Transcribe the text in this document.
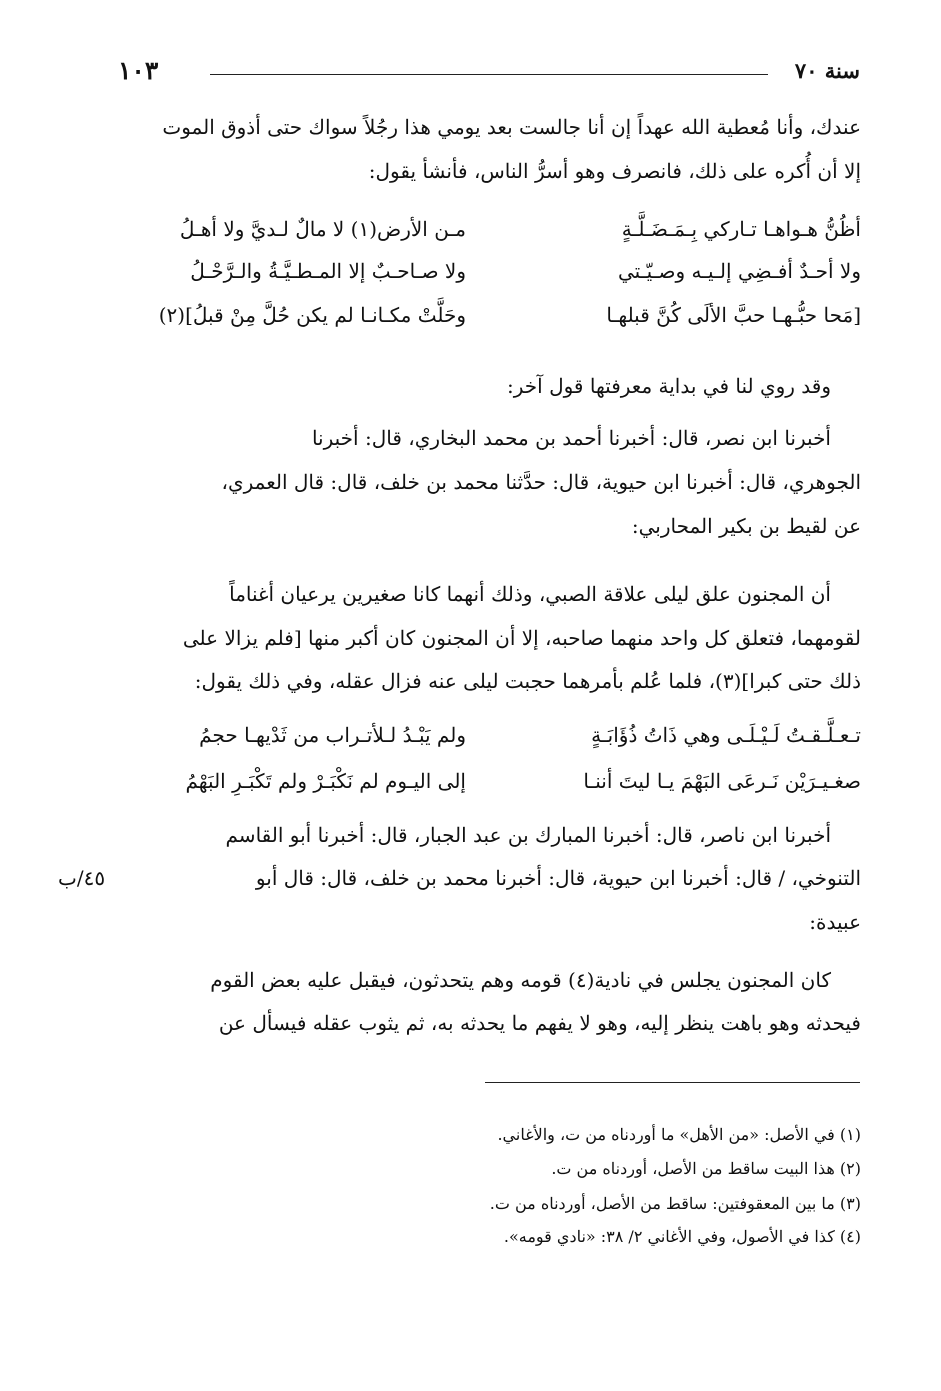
سنة ٧٠
١٠٣
عندك، وأنا مُعطية الله عهداً إن أنا جالست بعد يومي هذا رجُلاً سواك حتى أذوق الموت
إلا أن أُكره على ذلك، فانصرف وهو أسرُّ الناس، فأنشأ يقول:
أظُنُّ هـواهـا تـاركي بِـمَـضَـلَّـةٍ
مـن الأرض(١) لا مالٌ لـديَّ ولا أهـلُ
ولا أحـدٌ أفـضِي إلـيـه وصـيّـتي
ولا صـاحـبٌ إلا المـطـيَّـةُ والـرَّحْـلُ
[مَحا حبُّـهـا حبَّ الألَى كُنَّ قبلهـا
وحَلَّتْ مكـانـا لم يكن حُلَّ مِنْ قبلُ](٢)
وقد روي لنا في بداية معرفتها قول آخر:
أخبرنا ابن نصر، قال: أخبرنا أحمد بن محمد البخاري، قال: أخبرنا
الجوهري، قال: أخبرنا ابن حيوية، قال: حدَّثنا محمد بن خلف، قال: قال العمري،
عن لقيط بن بكير المحاربي:
أن المجنون علق ليلى علاقة الصبي، وذلك أنهما كانا صغيرين يرعيان أغناماً
لقومهما، فتعلق كل واحد منهما صاحبه، إلا أن المجنون كان أكبر منها [فلم يزالا على
ذلك حتى كبرا](٣)، فلما عُلم بأمرهما حجبت ليلى عنه فزال عقله، وفي ذلك يقول:
تـعـلَّـقـتُ لَـيْـلَـى وهي ذَاتُ ذُؤَابَـةٍ
ولم يَبْـدُ لـلأتـراب من ثَدْيهـا حجمُ
صغـيـرَيْن نَـرعَى البَهْمَ يـا ليتَ أننـا
إلى اليـوم لم نَكْبَـرْ ولم تَكْبَـرِ البَهْمُ
أخبرنا ابن ناصر، قال: أخبرنا المبارك بن عبد الجبار، قال: أخبرنا أبو القاسم
التنوخي، / قال: أخبرنا ابن حيوية، قال: أخبرنا محمد بن خلف، قال: قال أبو
٤٥/ب
عبيدة:
كان المجنون يجلس في نادية(٤) قومه وهم يتحدثون، فيقبل عليه بعض القوم
فيحدثه وهو باهت ينظر إليه، وهو لا يفهم ما يحدثه به، ثم يثوب عقله فيسأل عن
(١) في الأصل: «من الأهل» ما أوردناه من ت، والأغاني.
(٢) هذا البيت ساقط من الأصل، أوردناه من ت.
(٣) ما بين المعقوفتين: ساقط من الأصل، أوردناه من ت.
(٤) كذا في الأصول، وفي الأغاني ٢/ ٣٨: «نادي قومه».
